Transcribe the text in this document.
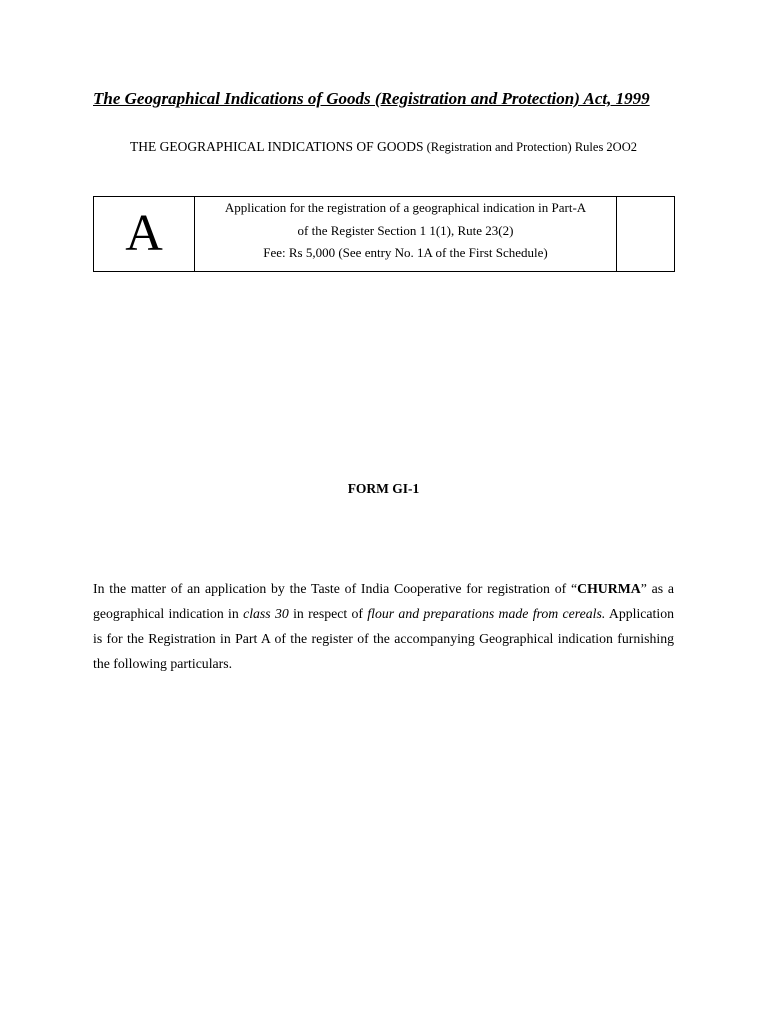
The Geographical Indications of Goods (Registration and Protection) Act, 1999
THE GEOGRAPHICAL INDICATIONS OF GOODS (Registration and Protection) Rules 2OO2
A	Application for the registration of a geographical indication in Part-A
of the Register Section 1 1(1), Rute 23(2)
Fee: Rs 5,000 (See entry No. 1A of the First Schedule)
FORM GI-1
In the matter of an application by the Taste of India Cooperative for registration of “CHURMA” as a geographical indication in class 30 in respect of flour and preparations made from cereals. Application is for the Registration in Part A of the register of the accompanying Geographical indication furnishing the following particulars.
